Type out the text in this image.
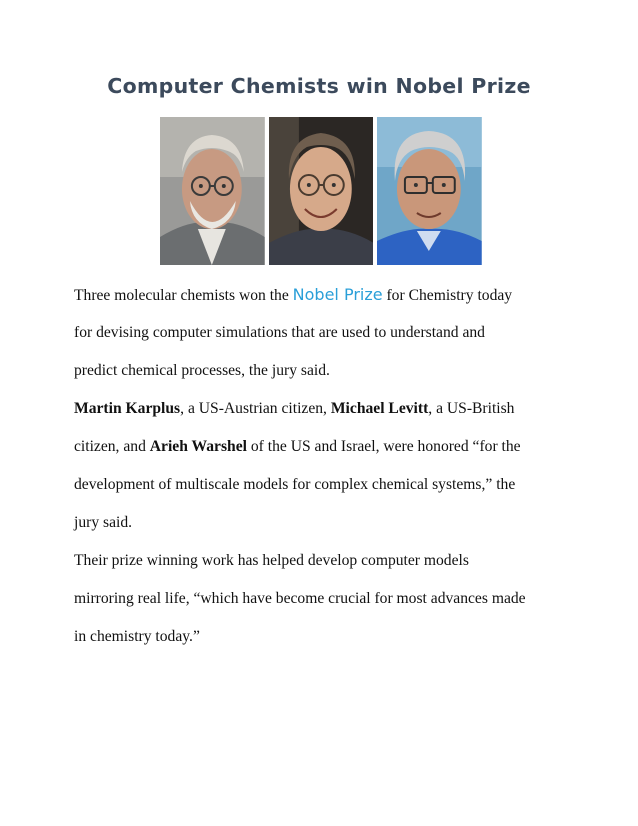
Computer Chemists win Nobel Prize
Three molecular chemists won the Nobel Prize for Chemistry today
for devising computer simulations that are used to understand and
predict chemical processes, the jury said.
Martin Karplus, a US-Austrian citizen, Michael Levitt, a US-British
citizen, and Arieh Warshel of the US and Israel, were honored “for the
development of multiscale models for complex chemical systems,” the
jury said.
Their prize winning work has helped develop computer models
mirroring real life, “which have become crucial for most advances made
in chemistry today.”
